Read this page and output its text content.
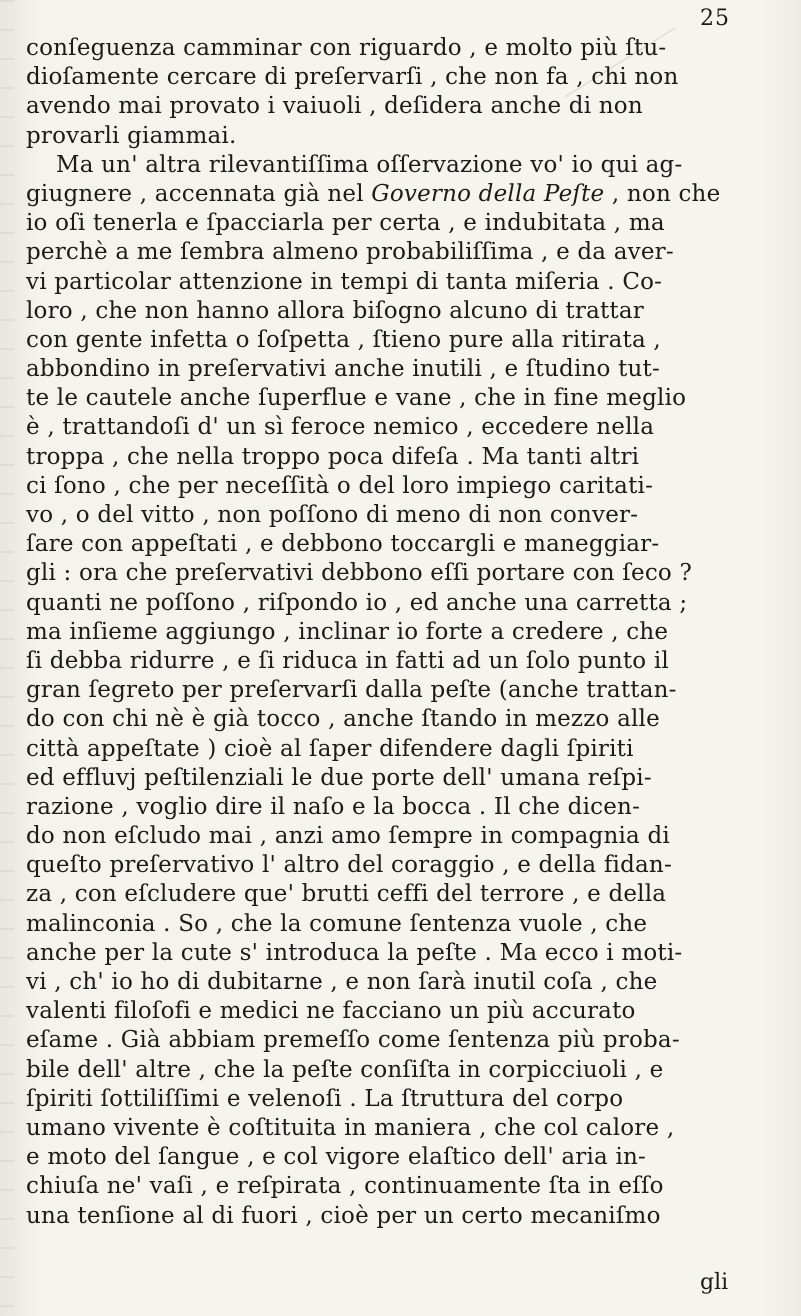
25
conſeguenza camminar con riguardo , e molto più ſtu-
dioſamente cercare di preſervarſi , che non fa , chi non
avendo mai provato i vaiuoli , deſidera anche di non
provarli giammai.
Ma un' altra rilevantiſſima oſſervazione vo' io qui ag-
giugnere , accennata già nel Governo della Peſte , non che
io oſi tenerla e ſpacciarla per certa , e indubitata , ma
perchè a me ſembra almeno probabiliſſima , e da aver-
vi particolar attenzione in tempi di tanta miſeria . Co-
loro , che non hanno allora biſogno alcuno di trattar
con gente infetta o ſoſpetta , ſtieno pure alla ritirata ,
abbondino in preſervativi anche inutili , e ſtudino tut-
te le cautele anche ſuperflue e vane , che in fine meglio
è , trattandoſi d' un sì feroce nemico , eccedere nella
troppa , che nella troppo poca difeſa . Ma tanti altri
ci ſono , che per neceſſità o del loro impiego caritati-
vo , o del vitto , non poſſono di meno di non conver-
ſare con appeſtati , e debbono toccargli e maneggiar-
gli : ora che preſervativi debbono eſſi portare con ſeco ?
quanti ne poſſono , riſpondo io , ed anche una carretta ;
ma inſieme aggiungo , inclinar io forte a credere , che
ſi debba ridurre , e ſi riduca in fatti ad un ſolo punto il
gran ſegreto per preſervarſi dalla peſte (anche trattan-
do con chi nè è già tocco , anche ſtando in mezzo alle
città appeſtate ) cioè al ſaper difendere dagli ſpiriti
ed effluvj peſtilenziali le due porte dell' umana reſpi-
razione , voglio dire il naſo e la bocca . Il che dicen-
do non eſcludo mai , anzi amo ſempre in compagnia di
queſto preſervativo l' altro del coraggio , e della fidan-
za , con eſcludere que' brutti ceffi del terrore , e della
malinconia . So , che la comune ſentenza vuole , che
anche per la cute s' introduca la peſte . Ma ecco i moti-
vi , ch' io ho di dubitarne , e non ſarà inutil coſa , che
valenti filoſofi e medici ne facciano un più accurato
eſame . Già abbiam premeſſo come ſentenza più proba-
bile dell' altre , che la peſte conſiſta in corpicciuoli , e
ſpiriti ſottiliſſimi e velenoſi . La ſtruttura del corpo
umano vivente è coſtituita in maniera , che col calore ,
e moto del ſangue , e col vigore elaſtico dell' aria in-
chiuſa ne' vaſi , e reſpirata , continuamente ſta in eſſo
una tenſione al di fuori , cioè per un certo mecaniſmo
gli
